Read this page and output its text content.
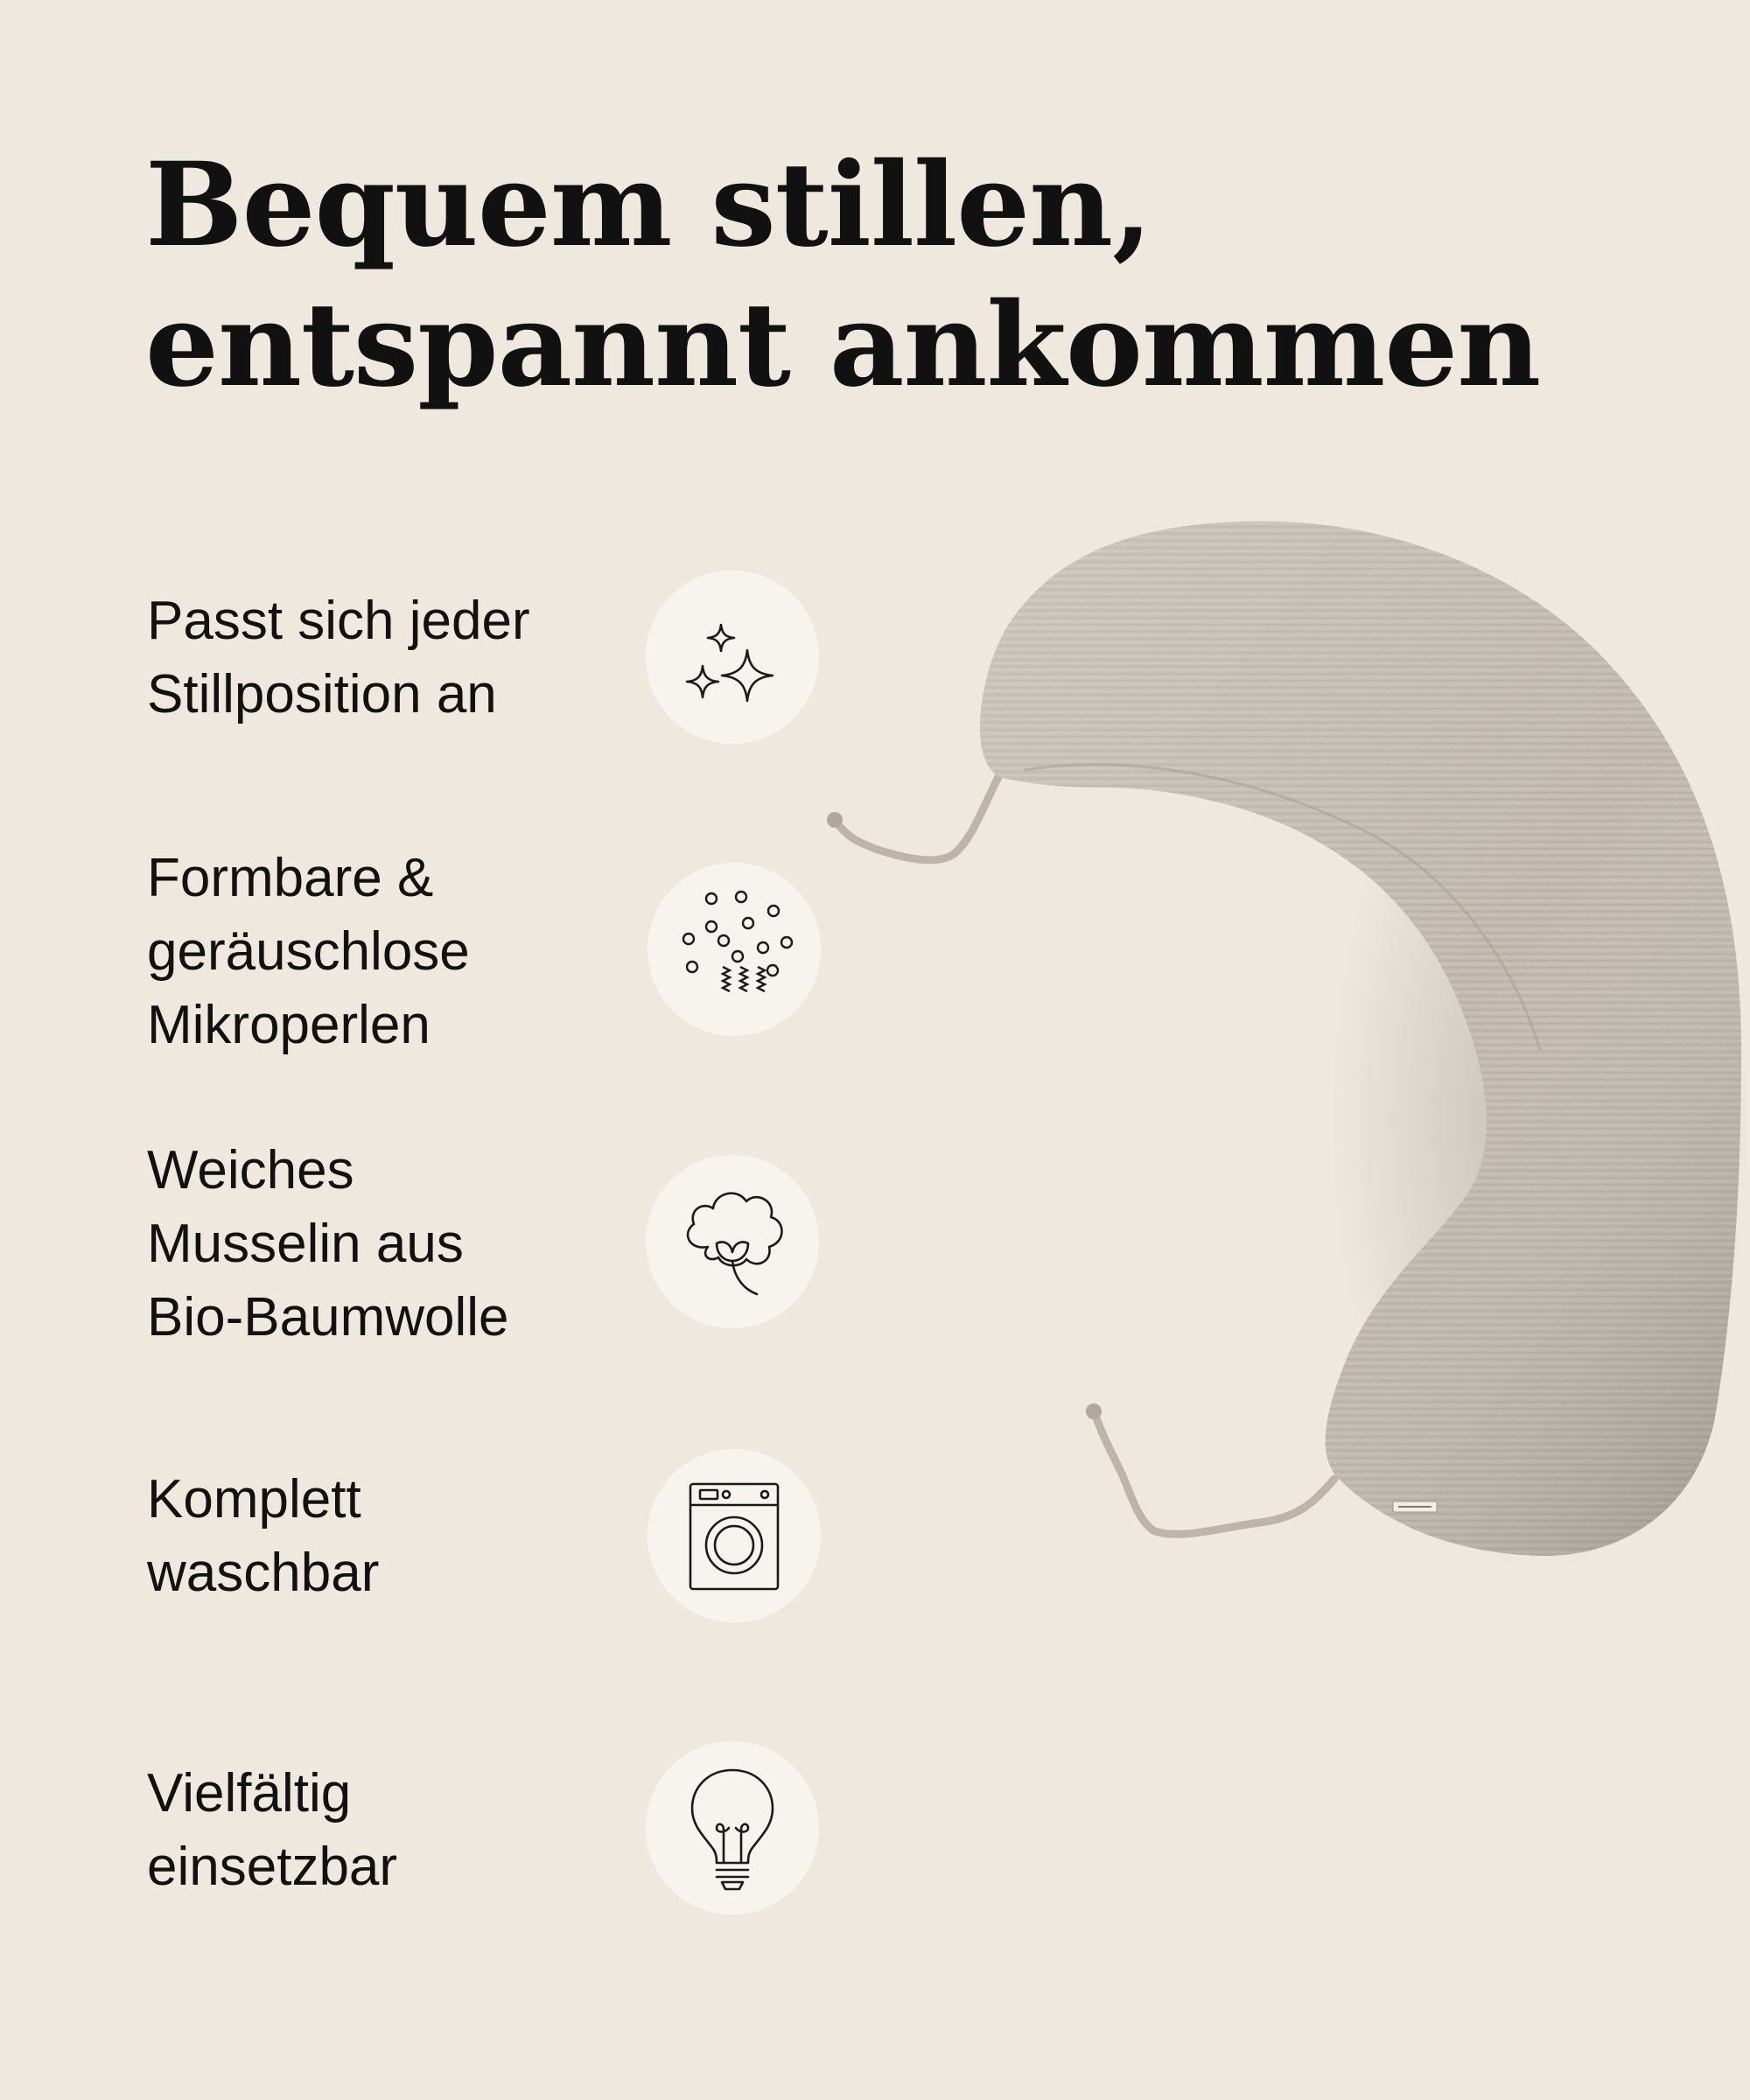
Bequem stillen,
entspannt ankommen
Passt sich jeder
Stillposition an
Formbare &
geräuschlose
Mikroperlen
Weiches
Musselin aus
Bio-Baumwolle
Komplett
waschbar
Vielfältig
einsetzbar
